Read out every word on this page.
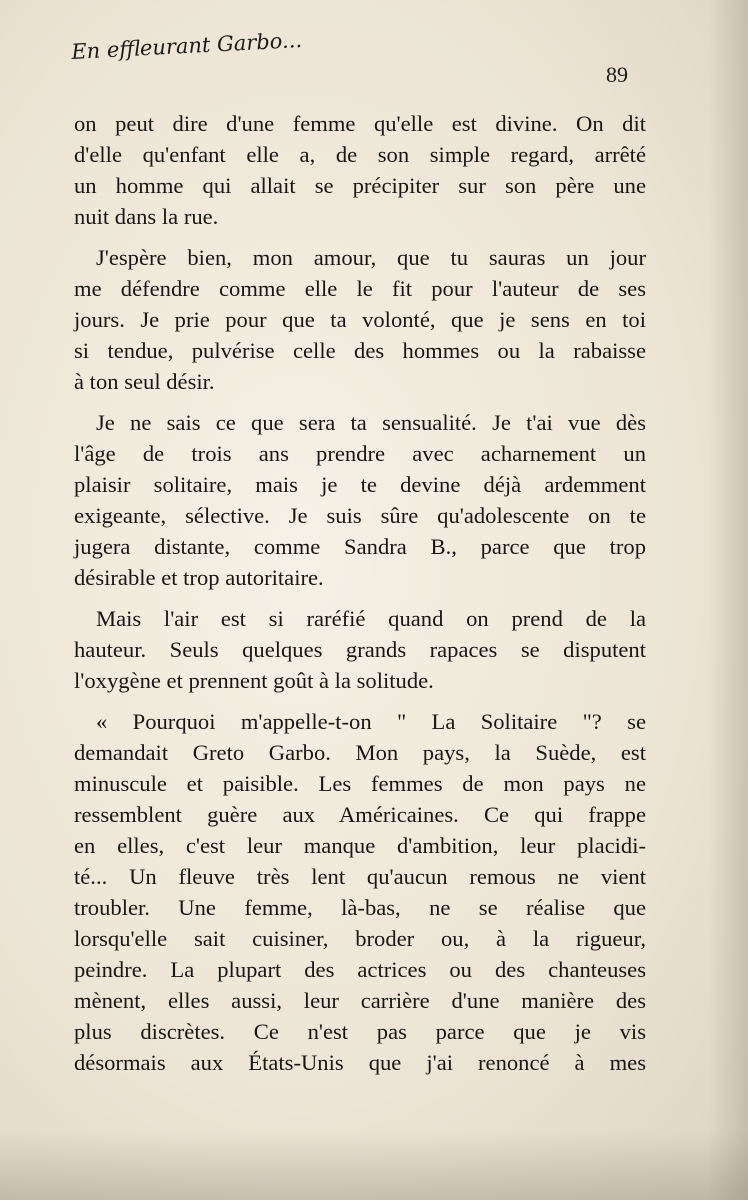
En effleurant Garbo...
89
on peut dire d'une femme qu'elle est divine. On dit
d'elle qu'enfant elle a, de son simple regard, arrêté
un homme qui allait se précipiter sur son père une
nuit dans la rue.
J'espère bien, mon amour, que tu sauras un jour
me défendre comme elle le fit pour l'auteur de ses
jours. Je prie pour que ta volonté, que je sens en toi
si tendue, pulvérise celle des hommes ou la rabaisse
à ton seul désir.
Je ne sais ce que sera ta sensualité. Je t'ai vue dès
l'âge de trois ans prendre avec acharnement un
plaisir solitaire, mais je te devine déjà ardemment
exigeante, sélective. Je suis sûre qu'adolescente on te
jugera distante, comme Sandra B., parce que trop
désirable et trop autoritaire.
Mais l'air est si raréfié quand on prend de la
hauteur. Seuls quelques grands rapaces se disputent
l'oxygène et prennent goût à la solitude.
« Pourquoi m'appelle-t-on " La Solitaire "? se
demandait Greto Garbo. Mon pays, la Suède, est
minuscule et paisible. Les femmes de mon pays ne
ressemblent guère aux Américaines. Ce qui frappe
en elles, c'est leur manque d'ambition, leur placidi-
té... Un fleuve très lent qu'aucun remous ne vient
troubler. Une femme, là-bas, ne se réalise que
lorsqu'elle sait cuisiner, broder ou, à la rigueur,
peindre. La plupart des actrices ou des chanteuses
mènent, elles aussi, leur carrière d'une manière des
plus discrètes. Ce n'est pas parce que je vis
désormais aux États-Unis que j'ai renoncé à mes
